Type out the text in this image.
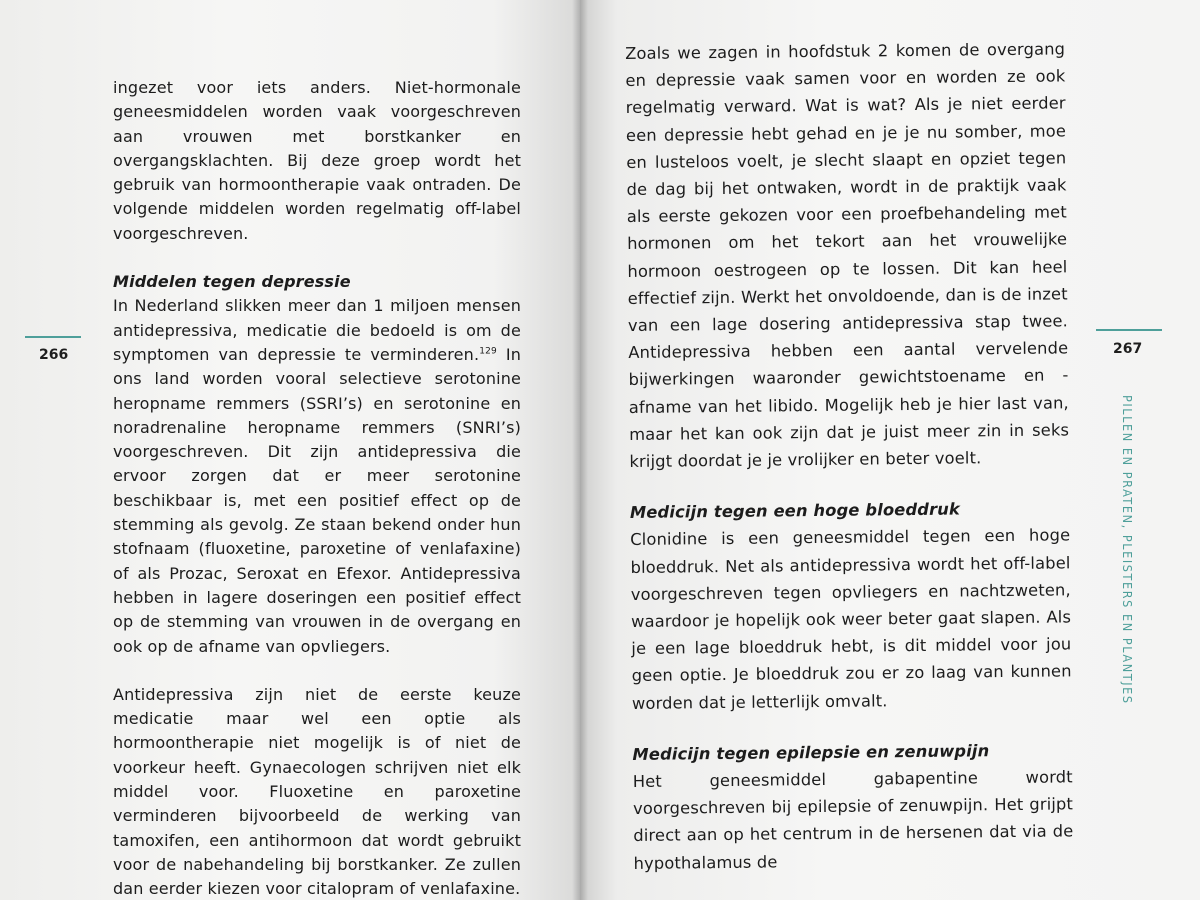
266

ingezet voor iets anders. Niet-hormonale geneesmiddelen worden vaak voorgeschreven aan vrouwen met borstkanker en overgangsklachten. Bij deze groep wordt het gebruik van hormoontherapie vaak ontraden. De volgende middelen worden regelmatig off-label voorgeschreven.

Middelen tegen depressie

In Nederland slikken meer dan 1 miljoen mensen antidepressiva, medicatie die bedoeld is om de symptomen van depressie te verminderen.$^{129}$ In ons land worden vooral selectieve serotonine heropname remmers (SSRI’s) en serotonine en noradrenaline heropname remmers (SNRI’s) voorgeschreven. Dit zijn antidepressiva die ervoor zorgen dat er meer serotonine beschikbaar is, met een positief effect op de stemming als gevolg. Ze staan bekend onder hun stofnaam (fluoxetine, paroxetine of venlafaxine) of als Prozac, Seroxat en Efexor. Antidepressiva hebben in lagere doseringen een positief effect op de stemming van vrouwen in de overgang en ook op de afname van opvliegers.

Antidepressiva zijn niet de eerste keuze medicatie maar wel een optie als hormoontherapie niet mogelijk is of niet de voorkeur heeft. Gynaecologen schrijven niet elk middel voor. Fluoxetine en paroxetine verminderen bijvoorbeeld de werking van tamoxifen, een antihormoon dat wordt gebruikt voor de nabehandeling bij borstkanker. Ze zullen dan eerder kiezen voor citalopram of venlafaxine.

Zoals we zagen in hoofdstuk 2 komen de overgang en depressie vaak samen voor en worden ze ook regelmatig verward. Wat is wat? Als je niet eerder een depressie hebt gehad en je je nu somber, moe en lusteloos voelt, je slecht slaapt en opziet tegen de dag bij het ontwaken, wordt in de praktijk vaak als eerste gekozen voor een proefbehandeling met hormonen om het tekort aan het vrouwelijke hormoon oestrogeen op te lossen. Dit kan heel effectief zijn. Werkt het onvoldoende, dan is de inzet van een lage dosering antidepressiva stap twee. Antidepressiva hebben een aantal vervelende bijwerkingen waaronder gewichtstoename en -afname van het libido. Mogelijk heb je hier last van, maar het kan ook zijn dat je juist meer zin in seks krijgt doordat je je vrolijker en beter voelt.

Medicijn tegen een hoge bloeddruk

Clonidine is een geneesmiddel tegen een hoge bloeddruk. Net als antidepressiva wordt het off-label voorgeschreven tegen opvliegers en nachtzweten, waardoor je hopelijk ook weer beter gaat slapen. Als je een lage bloeddruk hebt, is dit middel voor jou geen optie. Je bloeddruk zou er zo laag van kunnen worden dat je letterlijk omvalt.

Medicijn tegen epilepsie en zenuwpijn

Het geneesmiddel gabapentine wordt voorgeschreven bij epilepsie of zenuwpijn. Het grijpt direct aan op het centrum in de hersenen dat via de hypothalamus de

267
PILLEN EN PRATEN, PLEISTERS EN PLANTJES
